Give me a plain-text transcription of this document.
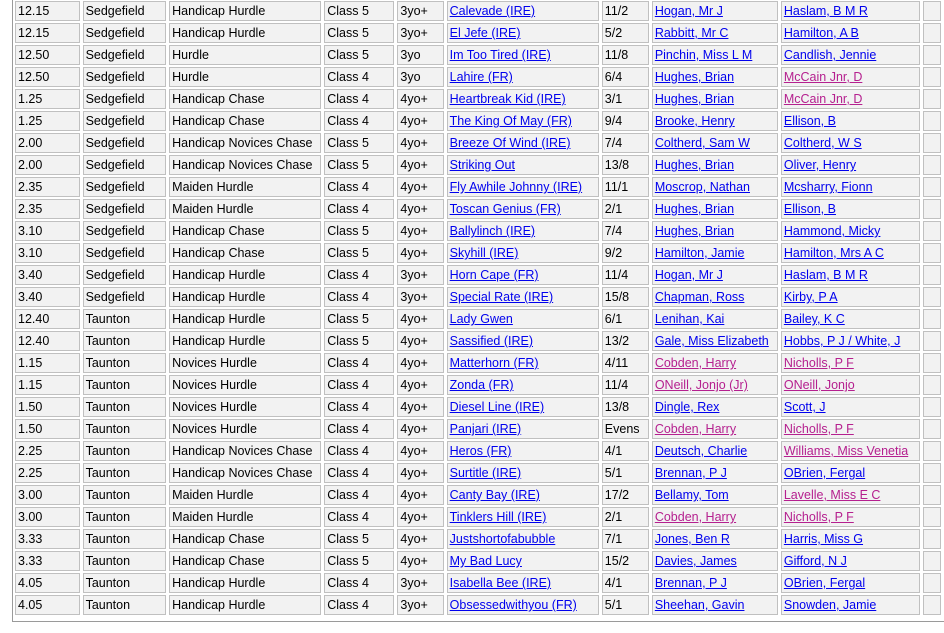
12.15	Sedgefield	Handicap Hurdle	Class 5	3yo+	Calevade (IRE)	11/2	Hogan, Mr J	Haslam, B M R	
12.15	Sedgefield	Handicap Hurdle	Class 5	3yo+	El Jefe (IRE)	5/2	Rabbitt, Mr C	Hamilton, A B	
12.50	Sedgefield	Hurdle	Class 5	3yo	Im Too Tired (IRE)	11/8	Pinchin, Miss L M	Candlish, Jennie	
12.50	Sedgefield	Hurdle	Class 4	3yo	Lahire (FR)	6/4	Hughes, Brian	McCain Jnr, D	
1.25	Sedgefield	Handicap Chase	Class 4	4yo+	Heartbreak Kid (IRE)	3/1	Hughes, Brian	McCain Jnr, D	
1.25	Sedgefield	Handicap Chase	Class 4	4yo+	The King Of May (FR)	9/4	Brooke, Henry	Ellison, B	
2.00	Sedgefield	Handicap Novices Chase	Class 5	4yo+	Breeze Of Wind (IRE)	7/4	Coltherd, Sam W	Coltherd, W S	
2.00	Sedgefield	Handicap Novices Chase	Class 5	4yo+	Striking Out	13/8	Hughes, Brian	Oliver, Henry	
2.35	Sedgefield	Maiden Hurdle	Class 4	4yo+	Fly Awhile Johnny (IRE)	11/1	Moscrop, Nathan	Mcsharry, Fionn	
2.35	Sedgefield	Maiden Hurdle	Class 4	4yo+	Toscan Genius (FR)	2/1	Hughes, Brian	Ellison, B	
3.10	Sedgefield	Handicap Chase	Class 5	4yo+	Ballylinch (IRE)	7/4	Hughes, Brian	Hammond, Micky	
3.10	Sedgefield	Handicap Chase	Class 5	4yo+	Skyhill (IRE)	9/2	Hamilton, Jamie	Hamilton, Mrs A C	
3.40	Sedgefield	Handicap Hurdle	Class 4	3yo+	Horn Cape (FR)	11/4	Hogan, Mr J	Haslam, B M R	
3.40	Sedgefield	Handicap Hurdle	Class 4	3yo+	Special Rate (IRE)	15/8	Chapman, Ross	Kirby, P A	
12.40	Taunton	Handicap Hurdle	Class 5	4yo+	Lady Gwen	6/1	Lenihan, Kai	Bailey, K C	
12.40	Taunton	Handicap Hurdle	Class 5	4yo+	Sassified (IRE)	13/2	Gale, Miss Elizabeth	Hobbs, P J / White, J	
1.15	Taunton	Novices Hurdle	Class 4	4yo+	Matterhorn (FR)	4/11	Cobden, Harry	Nicholls, P F	
1.15	Taunton	Novices Hurdle	Class 4	4yo+	Zonda (FR)	11/4	ONeill, Jonjo (Jr)	ONeill, Jonjo	
1.50	Taunton	Novices Hurdle	Class 4	4yo+	Diesel Line (IRE)	13/8	Dingle, Rex	Scott, J	
1.50	Taunton	Novices Hurdle	Class 4	4yo+	Panjari (IRE)	Evens	Cobden, Harry	Nicholls, P F	
2.25	Taunton	Handicap Novices Chase	Class 4	4yo+	Heros (FR)	4/1	Deutsch, Charlie	Williams, Miss Venetia	
2.25	Taunton	Handicap Novices Chase	Class 4	4yo+	Surtitle (IRE)	5/1	Brennan, P J	OBrien, Fergal	
3.00	Taunton	Maiden Hurdle	Class 4	4yo+	Canty Bay (IRE)	17/2	Bellamy, Tom	Lavelle, Miss E C	
3.00	Taunton	Maiden Hurdle	Class 4	4yo+	Tinklers Hill (IRE)	2/1	Cobden, Harry	Nicholls, P F	
3.33	Taunton	Handicap Chase	Class 5	4yo+	Justshortofabubble	7/1	Jones, Ben R	Harris, Miss G	
3.33	Taunton	Handicap Chase	Class 5	4yo+	My Bad Lucy	15/2	Davies, James	Gifford, N J	
4.05	Taunton	Handicap Hurdle	Class 4	3yo+	Isabella Bee (IRE)	4/1	Brennan, P J	OBrien, Fergal	
4.05	Taunton	Handicap Hurdle	Class 4	3yo+	Obsessedwithyou (FR)	5/1	Sheehan, Gavin	Snowden, Jamie	
